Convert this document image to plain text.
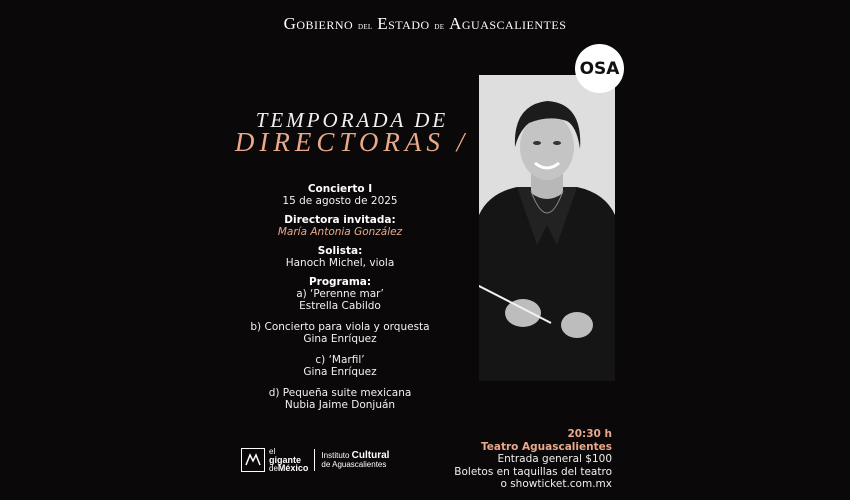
Gobierno del Estado de Aguascalientes
TEMPORADA DE
DIRECTORAS /
Concierto I
15 de agosto de 2025
Directora invitada:
María Antonia González
Solista:
Hanoch Michel, viola
Programa:
a) ‘Perenne mar’
Estrella Cabildo
b) Concierto para viola y orquesta
Gina Enríquez
c) ‘Marfil’
Gina Enríquez
d) Pequeña suite mexicana
Nubia Jaime Donjuán
OSA
20:30 h
Teatro Aguascalientes
Entrada general $100
Boletos en taquillas del teatro
o showticket.com.mx
el
gigante
deMéxico
Instituto Cultural
de Aguascalientes
